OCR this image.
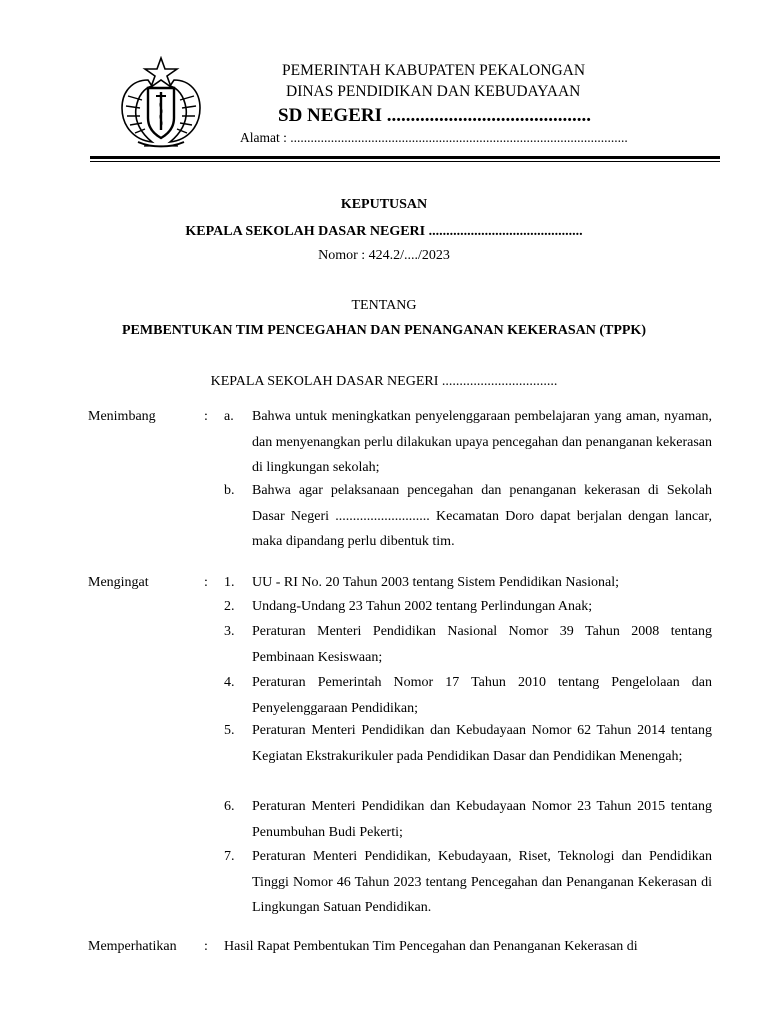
PEMERINTAH KABUPATEN PEKALONGAN
DINAS PENDIDIKAN DAN KEBUDAYAAN
SD NEGERI ...........................................
Alamat : ....................................................................................................
KEPUTUSAN
KEPALA SEKOLAH DASAR NEGERI ............................................
Nomor : 424.2/..../2023
TENTANG
PEMBENTUKAN TIM PENCEGAHAN DAN PENANGANAN KEKERASAN (TPPK)
KEPALA SEKOLAH DASAR NEGERI .................................
Menimbang	: a. Bahwa untuk meningkatkan penyelenggaraan pembelajaran yang aman, nyaman, dan menyenangkan perlu dilakukan upaya pencegahan dan penanganan kekerasan di lingkungan sekolah;
b. Bahwa agar pelaksanaan pencegahan dan penanganan kekerasan di Sekolah Dasar Negeri ........................... Kecamatan Doro dapat berjalan dengan lancar, maka dipandang perlu dibentuk tim.
Mengingat	: 1. UU - RI No. 20 Tahun 2003 tentang Sistem Pendidikan Nasional;
2. Undang-Undang 23 Tahun 2002 tentang Perlindungan Anak;
3. Peraturan Menteri Pendidikan Nasional Nomor 39 Tahun 2008 tentang Pembinaan Kesiswaan;
4. Peraturan Pemerintah Nomor 17 Tahun 2010 tentang Pengelolaan dan Penyelenggaraan Pendidikan;
5. Peraturan Menteri Pendidikan dan Kebudayaan Nomor 62 Tahun 2014 tentang Kegiatan Ekstrakurikuler pada Pendidikan Dasar dan Pendidikan Menengah;
6. Peraturan Menteri Pendidikan dan Kebudayaan Nomor 23 Tahun 2015 tentang Penumbuhan Budi Pekerti;
7. Peraturan Menteri Pendidikan, Kebudayaan, Riset, Teknologi dan Pendidikan Tinggi Nomor 46 Tahun 2023 tentang Pencegahan dan Penanganan Kekerasan di Lingkungan Satuan Pendidikan.
Memperhatikan : Hasil Rapat Pembentukan Tim Pencegahan dan Penanganan Kekerasan di
